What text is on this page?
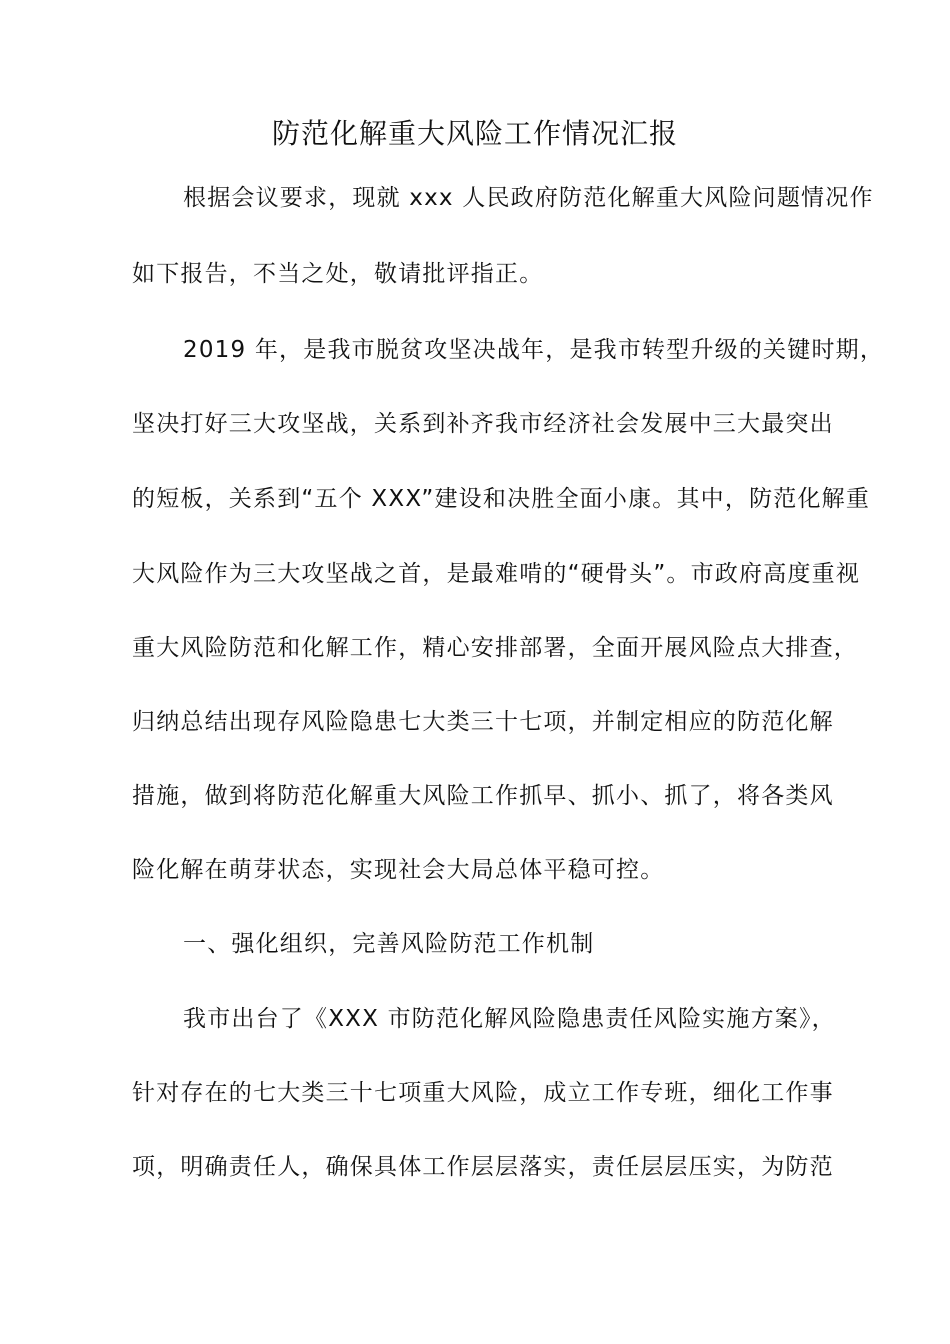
防范化解重大风险工作情况汇报
根据会议要求，现就 xxx 人民政府防范化解重大风险问题情况作
如下报告，不当之处，敬请批评指正。
2019 年，是我市脱贫攻坚决战年，是我市转型升级的关键时期，
坚决打好三大攻坚战，关系到补齐我市经济社会发展中三大最突出
的短板，关系到“五个 XXX”建设和决胜全面小康。其中，防范化解重
大风险作为三大攻坚战之首，是最难啃的“硬骨头”。市政府高度重视
重大风险防范和化解工作，精心安排部署，全面开展风险点大排查，
归纳总结出现存风险隐患七大类三十七项，并制定相应的防范化解
措施，做到将防范化解重大风险工作抓早、抓小、抓了，将各类风
险化解在萌芽状态，实现社会大局总体平稳可控。
一、强化组织，完善风险防范工作机制
我市出台了《XXX 市防范化解风险隐患责任风险实施方案》，
针对存在的七大类三十七项重大风险，成立工作专班，细化工作事
项，明确责任人，确保具体工作层层落实，责任层层压实，为防范
